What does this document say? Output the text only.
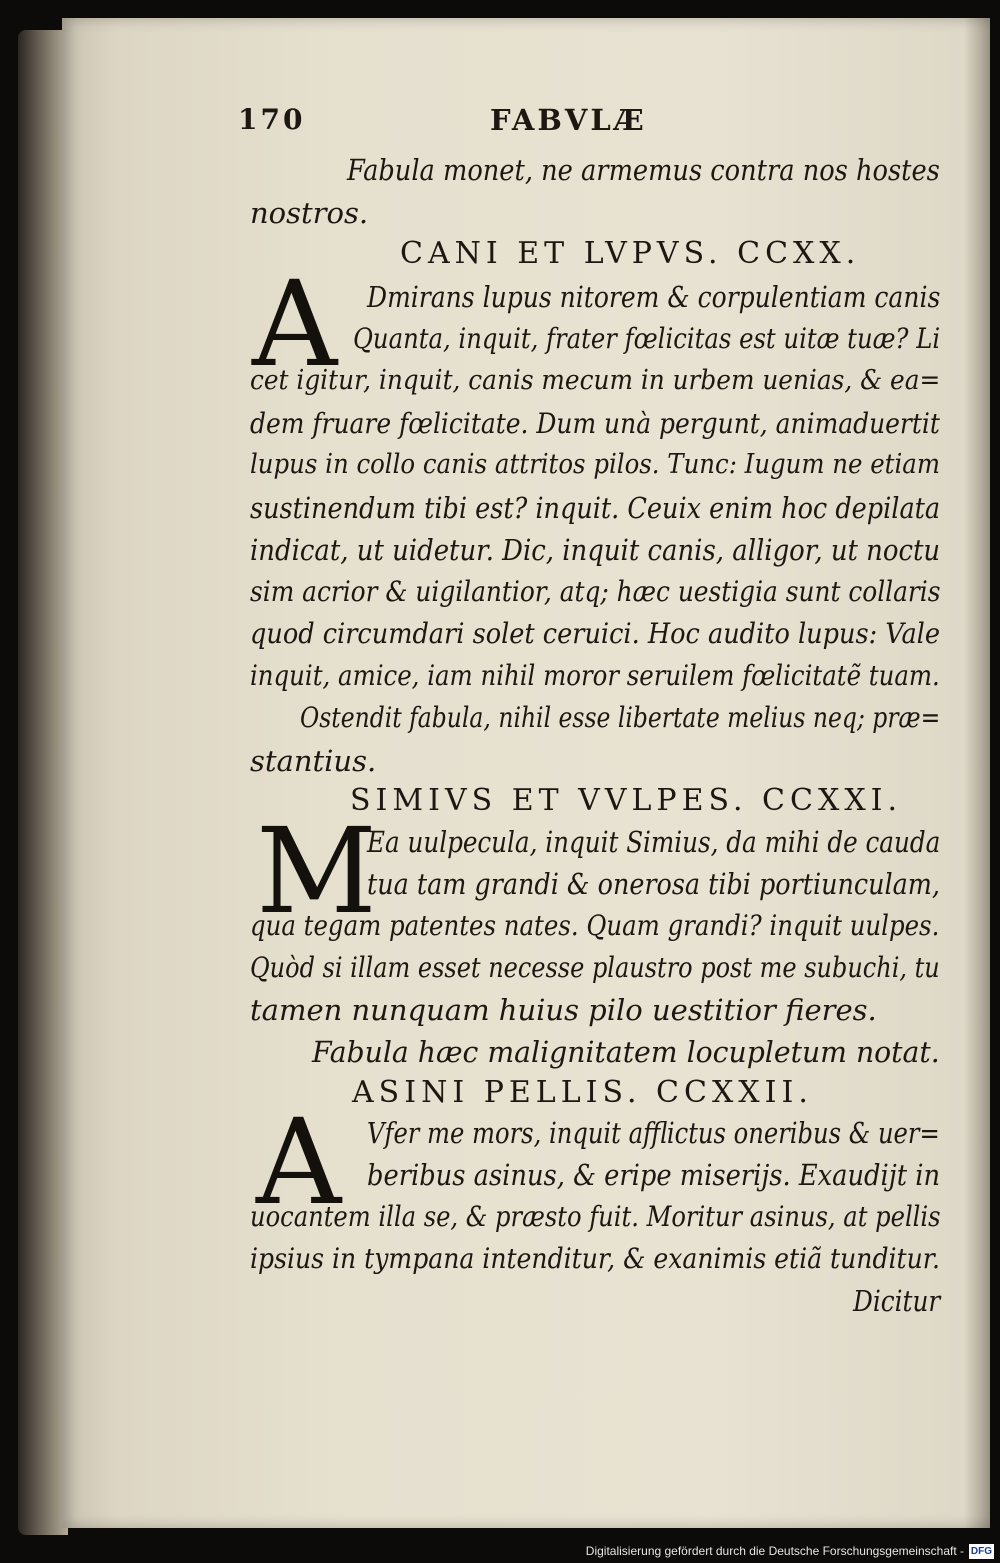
170	FABVLÆ
Fabula monet, ne armemus contra nos hostes
nostros.
CANI ET LVPVS. CCXX.
A Dmirans lupus nitorem & corpulentiam canis
Quanta, inquit, frater fœlicitas est uitæ tuæ? Li
cet igitur, inquit, canis mecum in urbem uenias, & ea=
dem fruare fœlicitate. Dum unà pergunt, animaduertit
lupus in collo canis attritos pilos. Tunc: Iugum ne etiam
sustinendum tibi est? inquit. Ceuix enim hoc depilata
indicat, ut uidetur. Dic, inquit canis, alligor, ut noctu
sim acrior & uigilantior, atq; hæc uestigia sunt collaris
quod circumdari solet ceruici. Hoc audito lupus: Vale
inquit, amice, iam nihil moror seruilem fœlicitatẽ tuam.
Ostendit fabula, nihil esse libertate melius neq; præ=
stantius.
SIMIVS ET VVLPES. CCXXI.
M
Ea uulpecula, inquit Simius, da mihi de cauda
tua tam grandi & onerosa tibi portiunculam,
qua tegam patentes nates. Quam grandi? inquit uulpes.
Quòd si illam esset necesse plaustro post me subuchi, tu
tamen nunquam huius pilo uestitior fieres.
Fabula hæc malignitatem locupletum notat.
ASINI PELLIS. CCXXII.
A Vfer me mors, inquit afflictus oneribus & uer=
beribus asinus, & eripe miserijs. Exaudijt in
uocantem illa se, & præsto fuit. Moritur asinus, at pellis
ipsius in tympana intenditur, & exanimis etiã tunditur.
Dicitur
Digitalisierung gefördert durch die Deutsche Forschungsgemeinschaft - DFG
